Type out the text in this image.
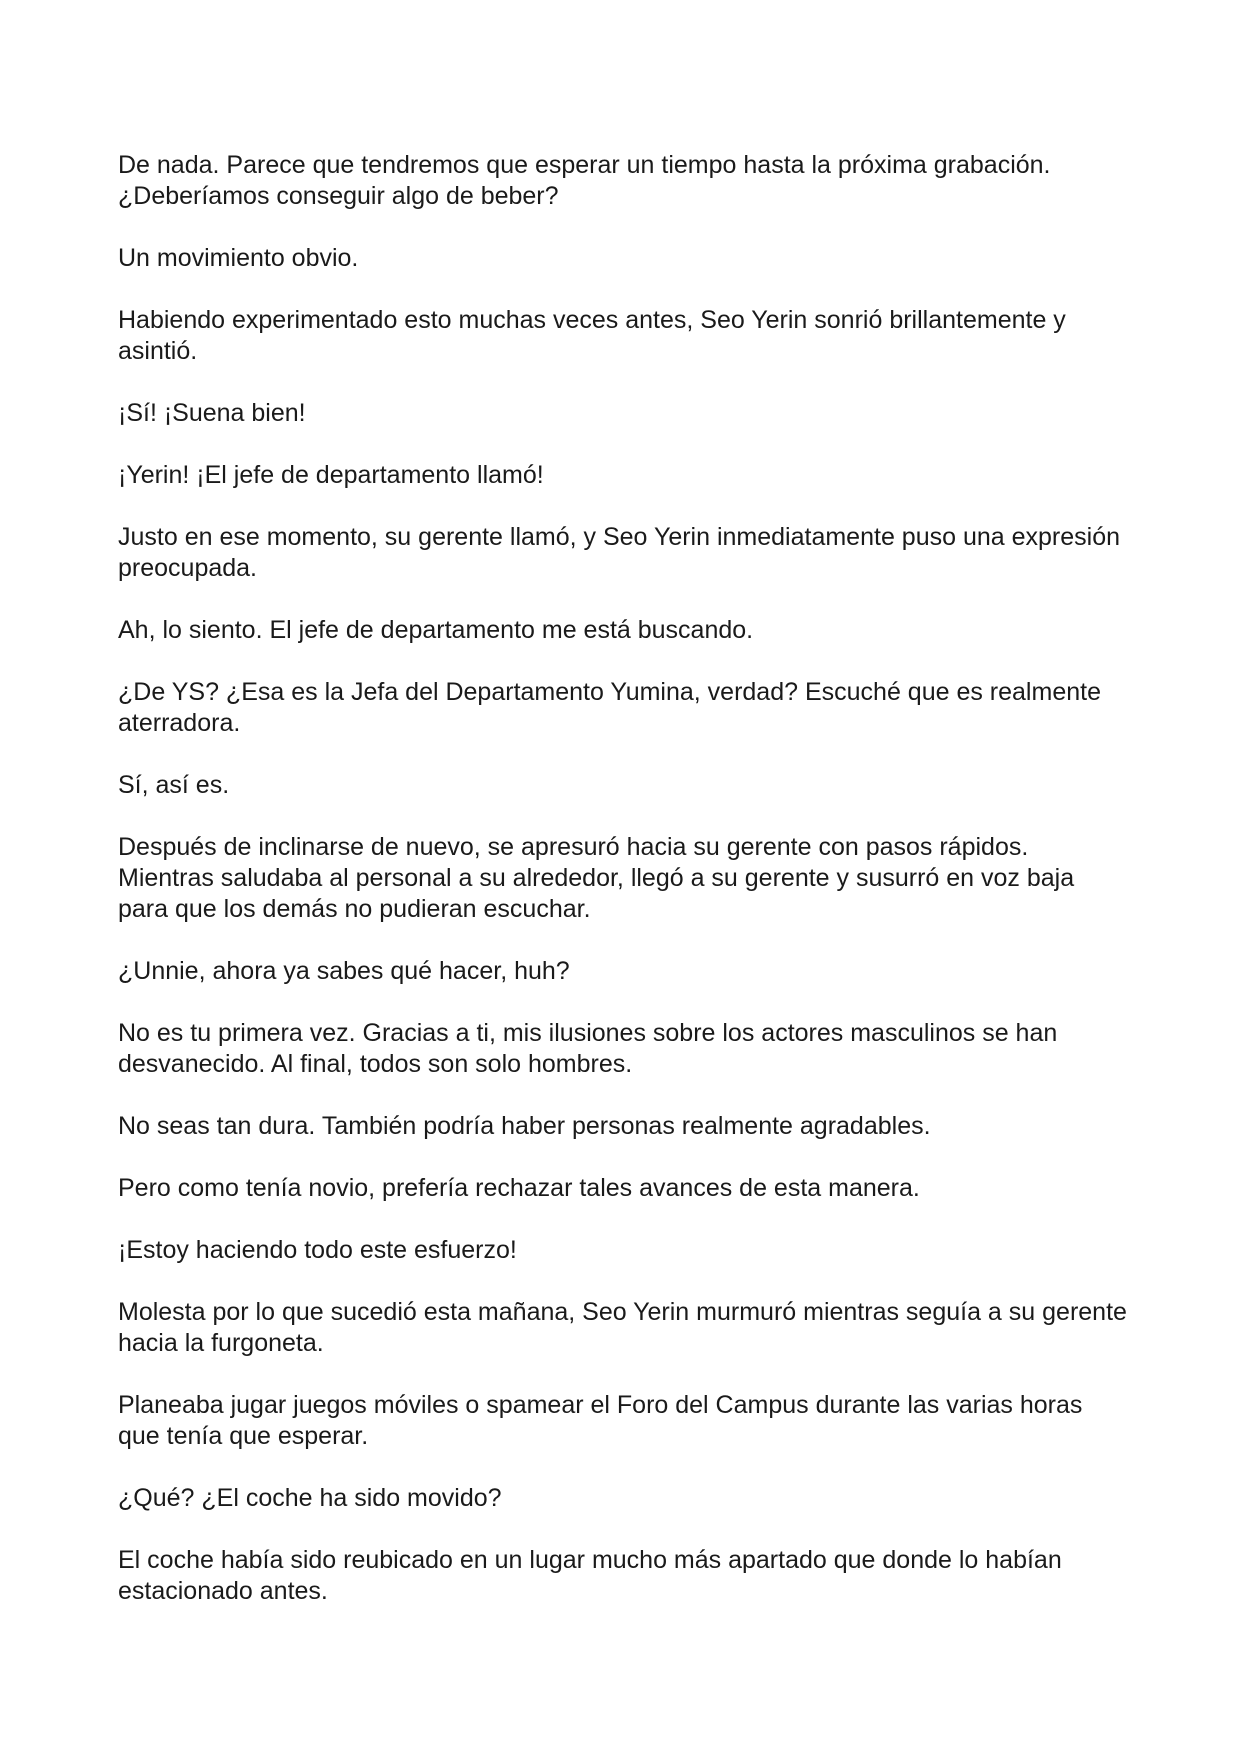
De nada. Parece que tendremos que esperar un tiempo hasta la próxima grabación. ¿Deberíamos conseguir algo de beber?

Un movimiento obvio.

Habiendo experimentado esto muchas veces antes, Seo Yerin sonrió brillantemente y asintió.

¡Sí! ¡Suena bien!

¡Yerin! ¡El jefe de departamento llamó!

Justo en ese momento, su gerente llamó, y Seo Yerin inmediatamente puso una expresión preocupada.

Ah, lo siento. El jefe de departamento me está buscando.

¿De YS? ¿Esa es la Jefa del Departamento Yumina, verdad? Escuché que es realmente aterradora.

Sí, así es.

Después de inclinarse de nuevo, se apresuró hacia su gerente con pasos rápidos. Mientras saludaba al personal a su alrededor, llegó a su gerente y susurró en voz baja para que los demás no pudieran escuchar.

¿Unnie, ahora ya sabes qué hacer, huh?

No es tu primera vez. Gracias a ti, mis ilusiones sobre los actores masculinos se han desvanecido. Al final, todos son solo hombres.

No seas tan dura. También podría haber personas realmente agradables.

Pero como tenía novio, prefería rechazar tales avances de esta manera.

¡Estoy haciendo todo este esfuerzo!

Molesta por lo que sucedió esta mañana, Seo Yerin murmuró mientras seguía a su gerente hacia la furgoneta.

Planeaba jugar juegos móviles o spamear el Foro del Campus durante las varias horas que tenía que esperar.

¿Qué? ¿El coche ha sido movido?

El coche había sido reubicado en un lugar mucho más apartado que donde lo habían estacionado antes.
